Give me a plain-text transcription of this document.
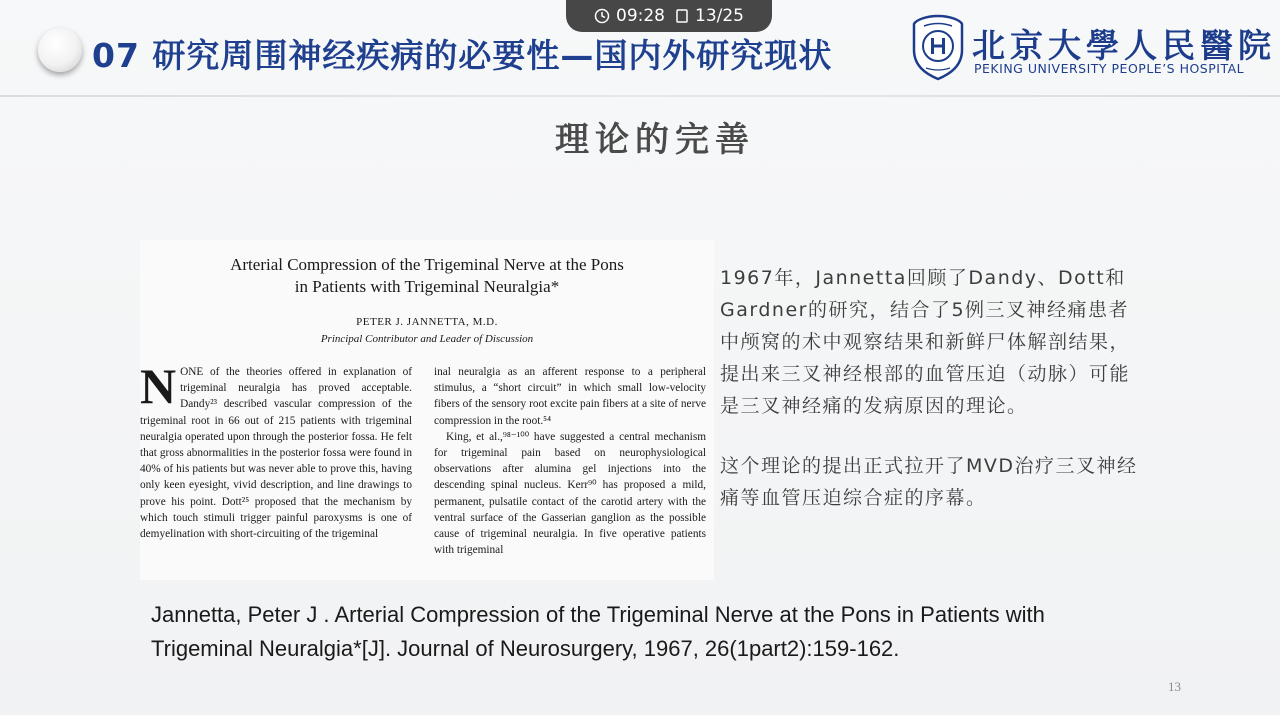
07 研究周围神经疾病的必要性—国内外研究现状	北京大學人民醫院
PEKING UNIVERSITY PEOPLE’S HOSPITAL
理论的完善
Arterial Compression of the Trigeminal Nerve at the Pons
in Patients with Trigeminal Neuralgia*
PETER J. JANNETTA, M.D.
Principal Contributor and Leader of Discussion

NONE of the theories offered in explanation of trigeminal neuralgia has proved acceptable. Dandy²³ described vascular compression of the trigeminal root in 66 out of 215 patients with trigeminal neuralgia operated upon through the posterior fossa. He felt that gross abnormalities in the posterior fossa were found in 40% of his patients but was never able to prove this, having only keen eyesight, vivid description, and line drawings to prove his point. Dott²⁵ proposed that the mechanism by which touch stimuli trigger painful paroxysms is one of demyelination with short-circuiting of the trigeminal

inal neuralgia as an afferent response to a peripheral stimulus, a “short circuit” in which small low-velocity fibers of the sensory root excite pain fibers at a site of nerve compression in the root.⁵⁴

King, et al.,⁹⁸⁻¹⁰⁰ have suggested a central mechanism for trigeminal pain based on neurophysiological observations after alumina gel injections into the descending spinal nucleus. Kerr⁹⁰ has proposed a mild, permanent, pulsatile contact of the carotid artery with the ventral surface of the Gasserian ganglion as the possible cause of trigeminal neuralgia. In five operative patients with trigeminal

1967年，Jannetta回顾了Dandy、Dott和Gardner的研究，结合了5例三叉神经痛患者中颅窝的术中观察结果和新鲜尸体解剖结果，提出来三叉神经根部的血管压迫（动脉）可能是三叉神经痛的发病原因的理论。

这个理论的提出正式拉开了MVD治疗三叉神经痛等血管压迫综合症的序幕。

Jannetta, Peter J . Arterial Compression of the Trigeminal Nerve at the Pons in Patients with Trigeminal Neuralgia*[J]. Journal of Neurosurgery, 1967, 26(1part2):159-162.
13
09:28 13/25
